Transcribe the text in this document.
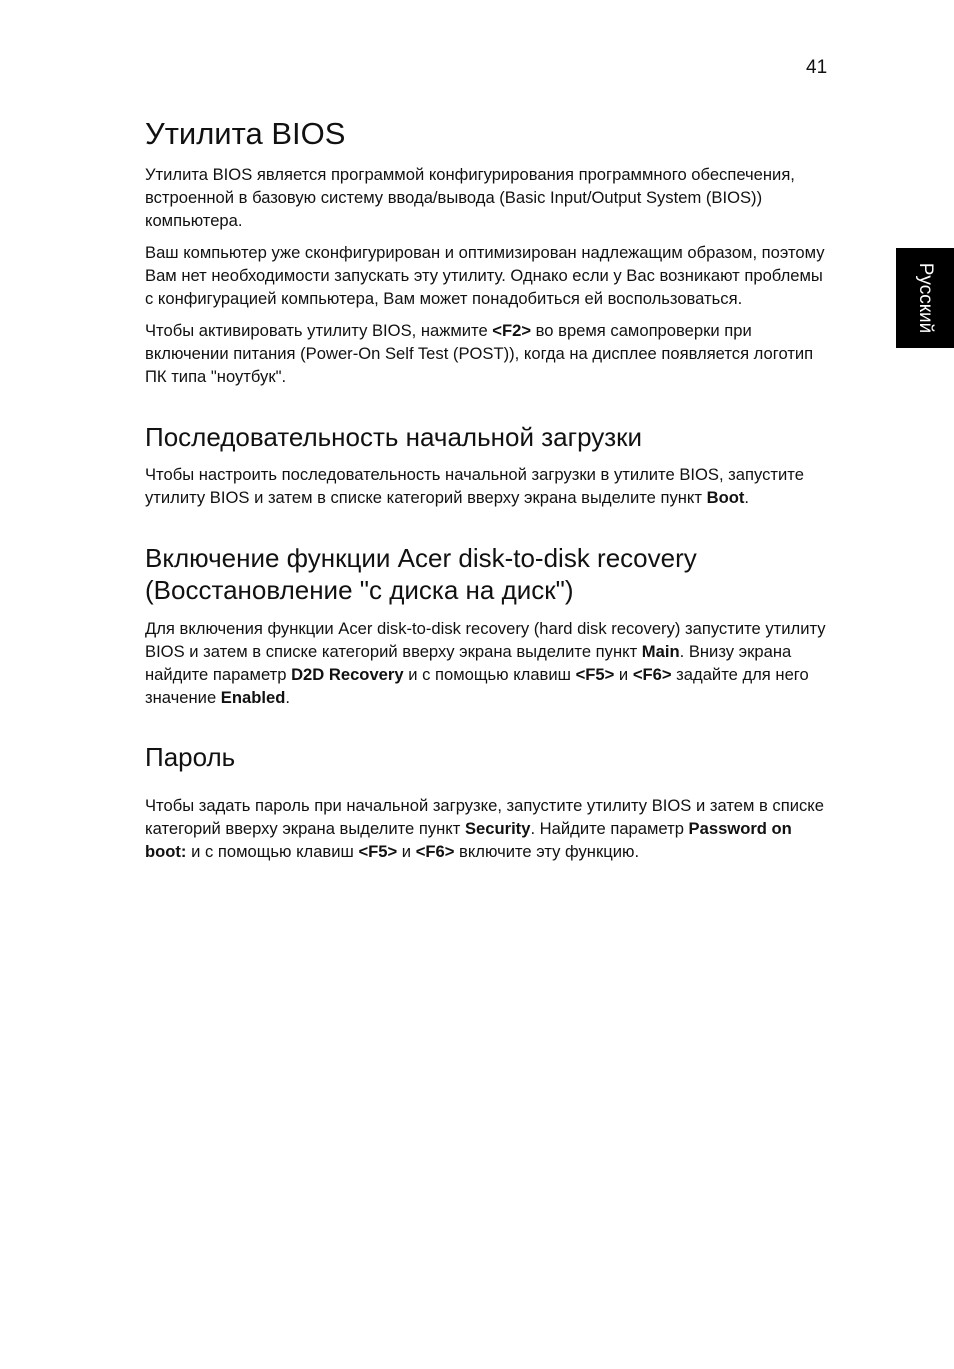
41
Русский
Утилита BIOS

Утилита BIOS является программой конфигурирования программного обеспечения, встроенной в базовую систему ввода/вывода (Basic Input/Output System (BIOS)) компьютера.

Ваш компьютер уже сконфигурирован и оптимизирован надлежащим образом, поэтому Вам нет необходимости запускать эту утилиту. Однако если у Вас возникают проблемы с конфигурацией компьютера, Вам может понадобиться ей воспользоваться.

Чтобы активировать утилиту BIOS, нажмите <F2> во время самопроверки при включении питания (Power-On Self Test (POST)), когда на дисплее появляется логотип ПК типа "ноутбук".

Последовательность начальной загрузки

Чтобы настроить последовательность начальной загрузки в утилите BIOS, запустите утилиту BIOS и затем в списке категорий вверху экрана выделите пункт Boot.

Включение функции Acer disk-to-disk recovery
(Восстановление "с диска на диск")

Для включения функции Acer disk-to-disk recovery (hard disk recovery) запустите утилиту BIOS и затем в списке категорий вверху экрана выделите пункт Main. Внизу экрана найдите параметр D2D Recovery и с помощью клавиш <F5> и <F6> задайте для него значение Enabled.

Пароль

Чтобы задать пароль при начальной загрузке, запустите утилиту BIOS и затем в списке категорий вверху экрана выделите пункт Security. Найдите параметр Password on boot: и с помощью клавиш <F5> и <F6> включите эту функцию.
